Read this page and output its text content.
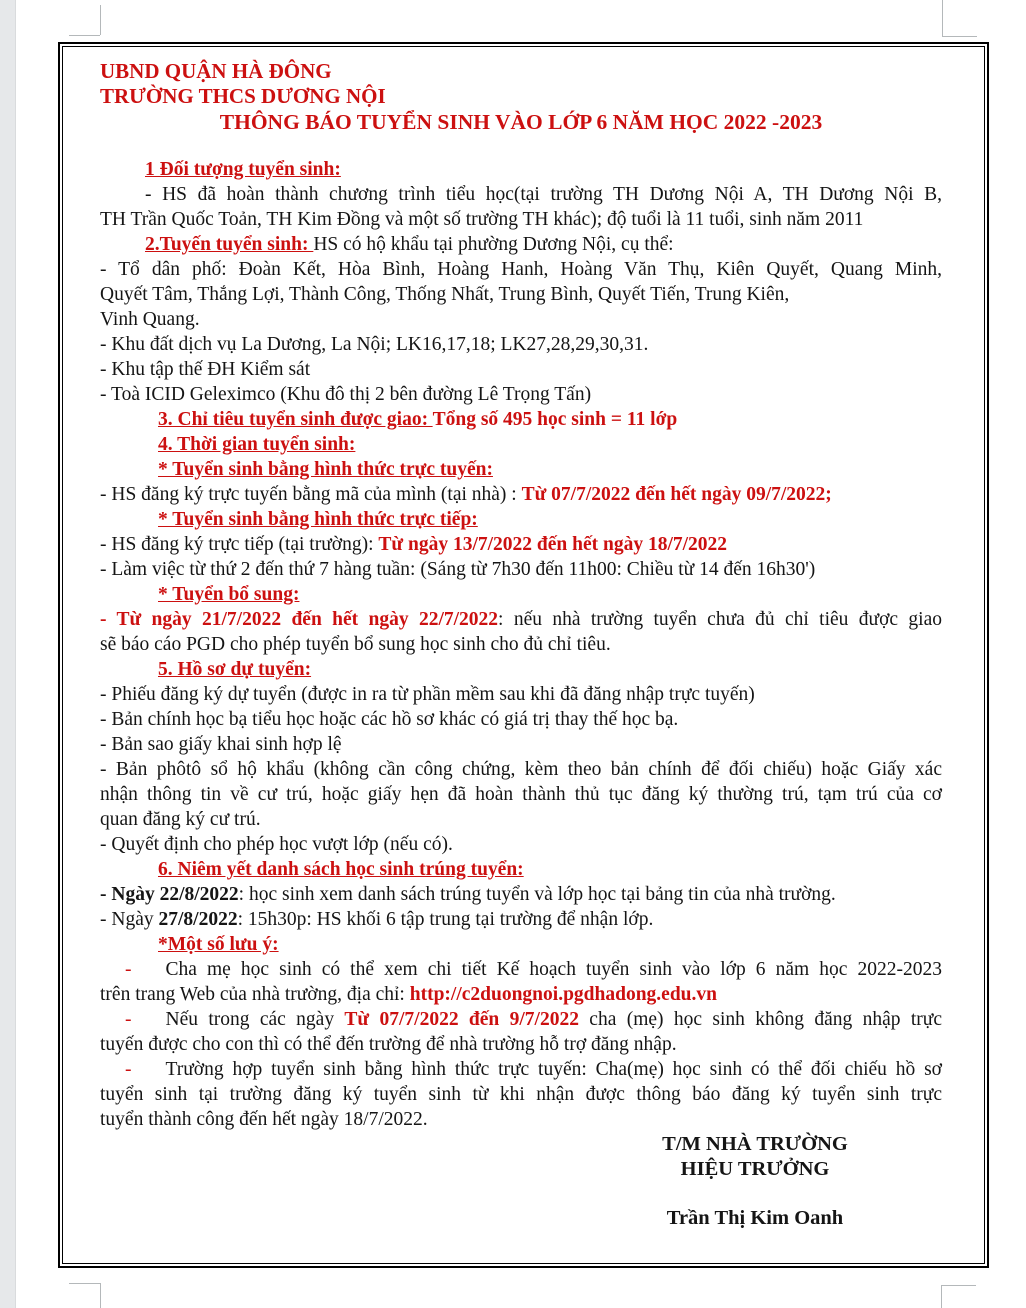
UBND QUẬN HÀ ĐÔNG
TRƯỜNG THCS DƯƠNG NỘI
THÔNG BÁO TUYỂN SINH VÀO LỚP 6 NĂM HỌC 2022 -2023
1 Đối tượng tuyển sinh:
- HS đã hoàn thành chương trình tiểu học(tại trường TH Dương Nội A, TH Dương Nội B,
TH Trần Quốc Toản, TH Kim Đồng và một số trường TH khác); độ tuổi là 11 tuổi, sinh năm 2011
2.Tuyến tuyển sinh: HS có hộ khẩu tại phường Dương Nội, cụ thể:
- Tổ dân phố: Đoàn Kết, Hòa Bình, Hoàng Hanh, Hoàng Văn Thụ, Kiên Quyết, Quang Minh,
Quyết Tâm, Thắng Lợi, Thành Công, Thống Nhất, Trung Bình, Quyết Tiến, Trung Kiên,
Vinh Quang.
- Khu đất dịch vụ La Dương, La Nội; LK16,17,18; LK27,28,29,30,31.
- Khu tập thế ĐH Kiểm sát
- Toà ICID Geleximco (Khu đô thị 2 bên đường Lê Trọng Tấn)
3. Chỉ tiêu tuyển sinh được giao: Tổng số 495 học sinh = 11 lớp
4. Thời gian tuyển sinh:
* Tuyển sinh bằng hình thức trực tuyến:
- HS đăng ký trực tuyến bằng mã của mình (tại nhà) : Từ 07/7/2022 đến hết ngày 09/7/2022;
* Tuyển sinh bằng hình thức trực tiếp:
- HS đăng ký trực tiếp (tại trường): Từ ngày 13/7/2022 đến hết ngày 18/7/2022
- Làm việc từ thứ 2 đến thứ 7 hàng tuần: (Sáng từ 7h30 đến 11h00: Chiều từ 14 đến 16h30')
* Tuyển bổ sung:
- Từ ngày 21/7/2022 đến hết ngày 22/7/2022: nếu nhà trường tuyển chưa đủ chỉ tiêu được giao
sẽ báo cáo PGD cho phép tuyển bổ sung học sinh cho đủ chỉ tiêu.
5. Hồ sơ dự tuyển:
- Phiếu đăng ký dự tuyển (được in ra từ phần mềm sau khi đã đăng nhập trực tuyến)
- Bản chính học bạ tiểu học hoặc các hồ sơ khác có giá trị thay thế học bạ.
- Bản sao giấy khai sinh hợp lệ
- Bản phôtô sổ hộ khẩu (không cần công chứng, kèm theo bản chính để đối chiếu) hoặc Giấy xác
nhận thông tin về cư trú, hoặc giấy hẹn đã hoàn thành thủ tục đăng ký thường trú, tạm trú của cơ
quan đăng ký cư trú.
- Quyết định cho phép học vượt lớp (nếu có).
6. Niêm yết danh sách học sinh trúng tuyển:
- Ngày 22/8/2022: học sinh xem danh sách trúng tuyển và lớp học tại bảng tin của nhà trường.
- Ngày 27/8/2022: 15h30p: HS khối 6 tập trung tại trường để nhận lớp.
*Một số lưu ý:
- Cha mẹ học sinh có thể xem chi tiết Kế hoạch tuyển sinh vào lớp 6 năm học 2022-2023
trên trang Web của nhà trường, địa chỉ: http://c2duongnoi.pgdhadong.edu.vn
- Nếu trong các ngày Từ 07/7/2022 đến 9/7/2022 cha (mẹ) học sinh không đăng nhập trực
tuyến được cho con thì có thể đến trường để nhà trường hỗ trợ đăng nhập.
- Trường hợp tuyển sinh bằng hình thức trực tuyến: Cha(mẹ) học sinh có thể đối chiếu hồ sơ
tuyển sinh tại trường đăng ký tuyển sinh từ khi nhận được thông báo đăng ký tuyển sinh trực
tuyển thành công đến hết ngày 18/7/2022.
T/M NHÀ TRƯỜNG
HIỆU TRƯỞNG
Trần Thị Kim Oanh
